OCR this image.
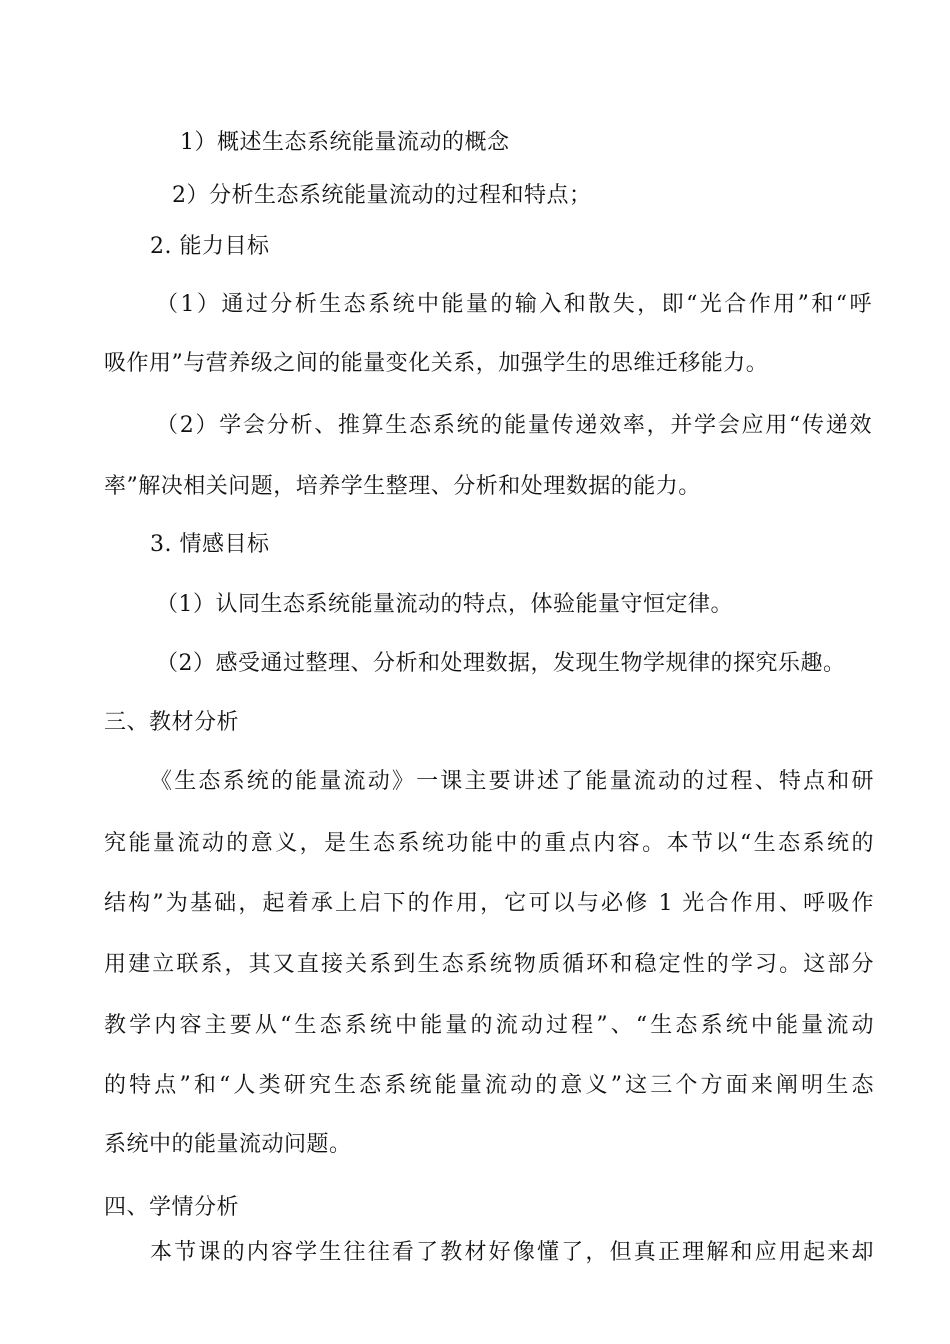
1）概述生态系统能量流动的概念
2）分析生态系统能量流动的过程和特点；
2. 能力目标
（1）通过分析生态系统中能量的输入和散失，即“光合作用”和“呼
吸作用”与营养级之间的能量变化关系，加强学生的思维迁移能力。
（2）学会分析、推算生态系统的能量传递效率，并学会应用“传递效
率”解决相关问题，培养学生整理、分析和处理数据的能力。
3. 情感目标
（1）认同生态系统能量流动的特点，体验能量守恒定律。
（2）感受通过整理、分析和处理数据，发现生物学规律的探究乐趣。
三、教材分析
《生态系统的能量流动》一课主要讲述了能量流动的过程、特点和研
究能量流动的意义，是生态系统功能中的重点内容。本节以“生态系统的
结构”为基础，起着承上启下的作用，它可以与必修 1 光合作用、呼吸作
用建立联系，其又直接关系到生态系统物质循环和稳定性的学习。这部分
教学内容主要从“生态系统中能量的流动过程”、“生态系统中能量流动
的特点”和“人类研究生态系统能量流动的意义”这三个方面来阐明生态
系统中的能量流动问题。
四、学情分析
本节课的内容学生往往看了教材好像懂了，但真正理解和应用起来却
